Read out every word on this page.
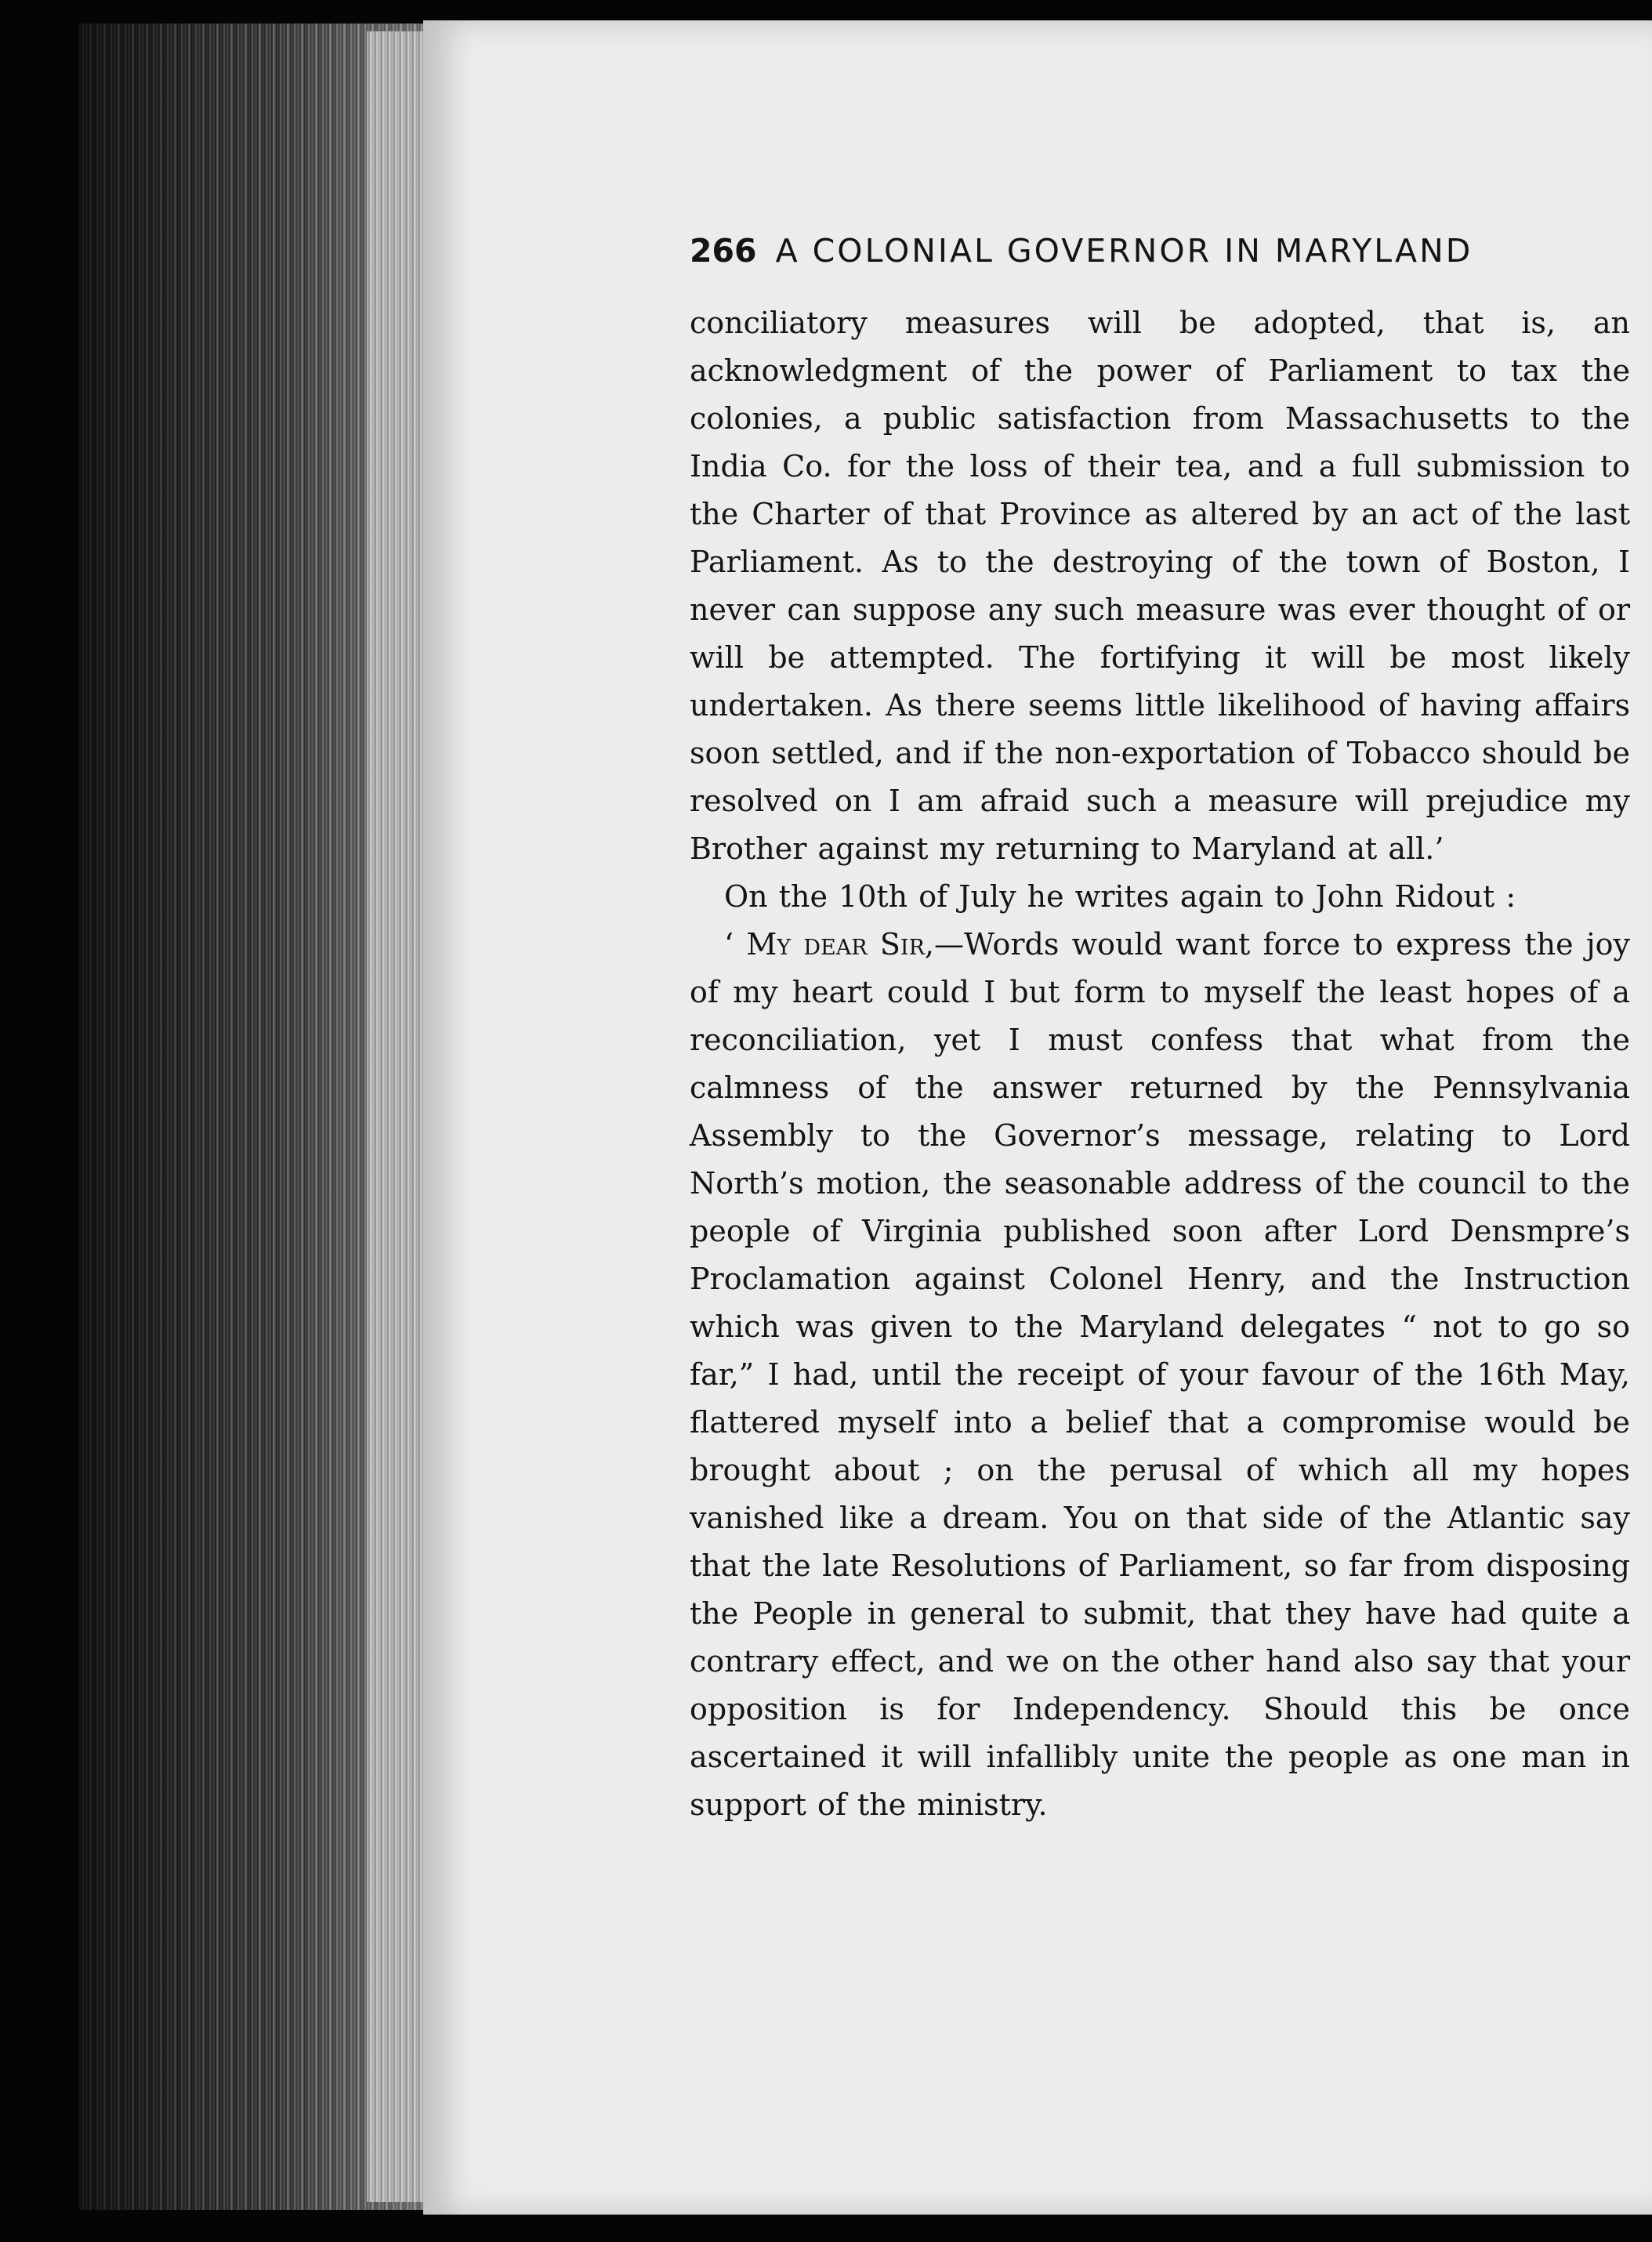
266 A COLONIAL GOVERNOR IN MARYLAND

conciliatory measures will be adopted, that is, an acknowledgment of the power of Parliament to tax the colonies, a public satisfaction from Massachusetts to the India Co. for the loss of their tea, and a full submission to the Charter of that Province as altered by an act of the last Parliament. As to the destroying of the town of Boston, I never can suppose any such measure was ever thought of or will be attempted. The fortifying it will be most likely undertaken. As there seems little likelihood of having affairs soon settled, and if the non-exportation of Tobacco should be resolved on I am afraid such a measure will prejudice my Brother against my returning to Maryland at all.’

On the 10th of July he writes again to John Ridout :

‘ My dear Sir,—Words would want force to express the joy of my heart could I but form to myself the least hopes of a reconciliation, yet I must confess that what from the calmness of the answer returned by the Pennsylvania Assembly to the Governor’s message, relating to Lord North’s motion, the seasonable address of the council to the people of Virginia published soon after Lord Densmpre’s Proclamation against Colonel Henry, and the Instruction which was given to the Maryland delegates “ not to go so far,” I had, until the receipt of your favour of the 16th May, flattered myself into a belief that a compromise would be brought about ; on the perusal of which all my hopes vanished like a dream. You on that side of the Atlantic say that the late Resolutions of Parliament, so far from disposing the People in general to submit, that they have had quite a contrary effect, and we on the other hand also say that your opposition is for Independency. Should this be once ascertained it will infallibly unite the people as one man in support of the ministry.
